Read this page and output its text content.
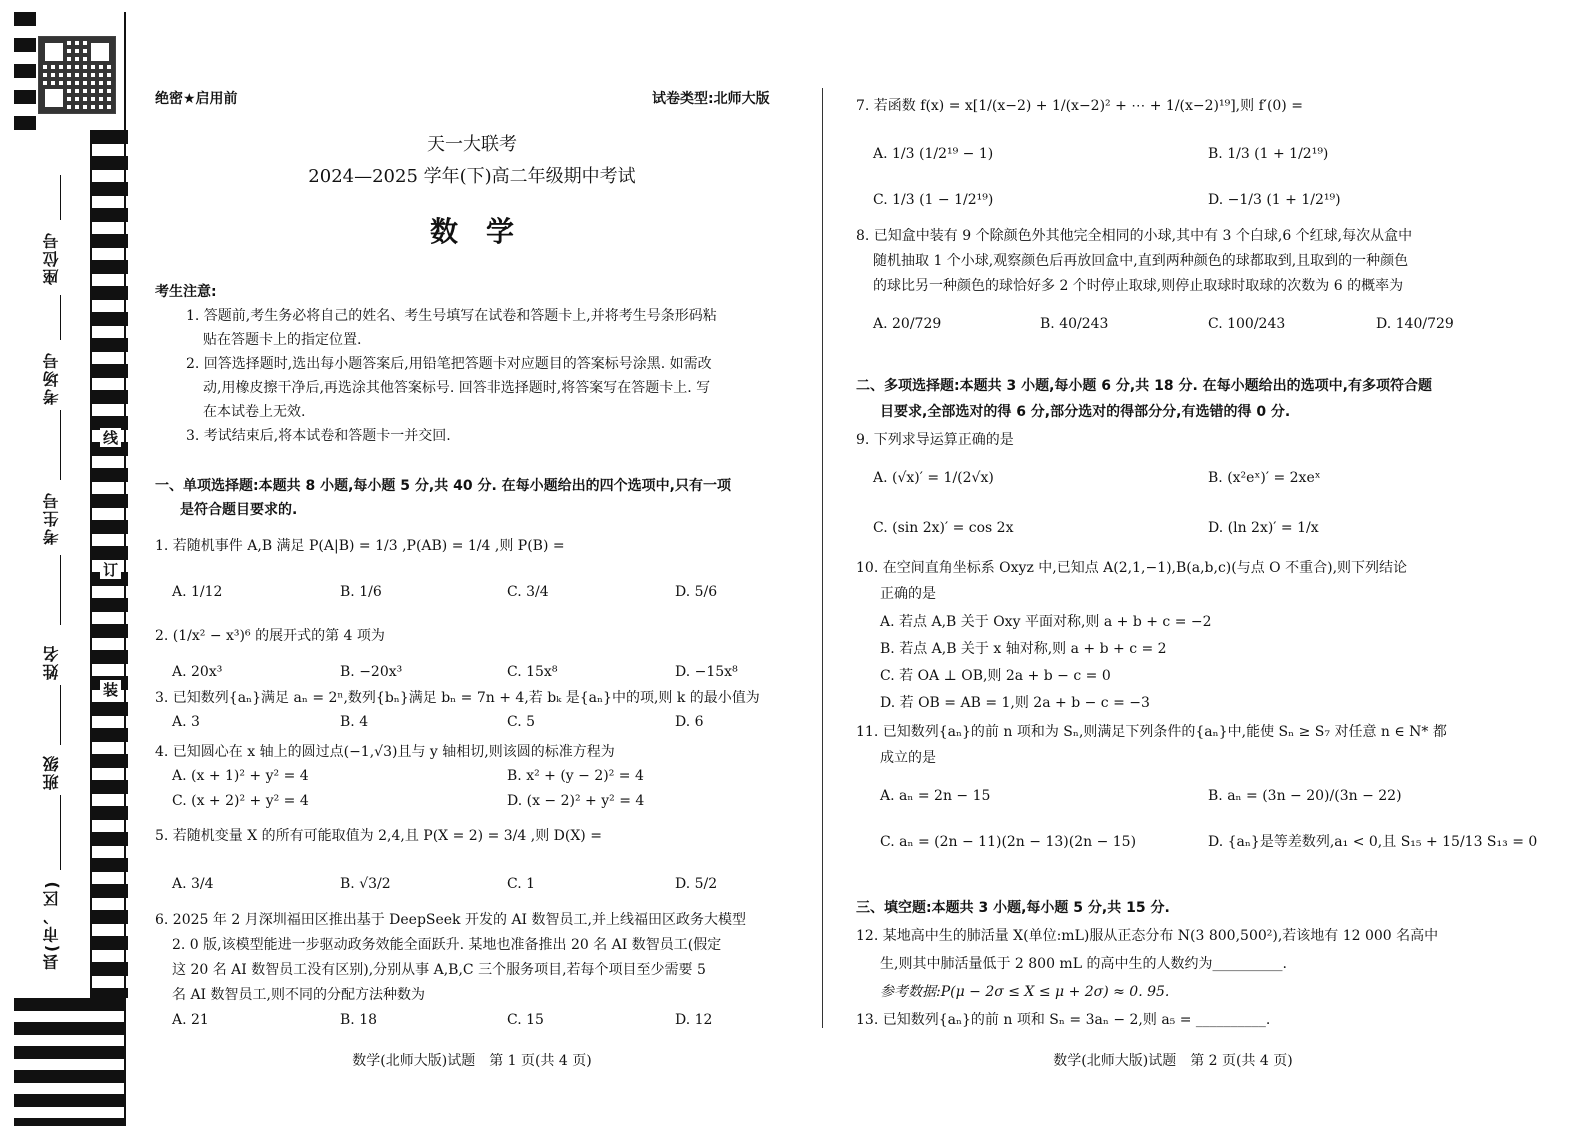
座位号
考场号
考生号
姓名
班级
县(市、区)
线
订
装
绝密★启用前	试卷类型:北师大版
天一大联考
2024—2025 学年(下)高二年级期中考试
数　学
考生注意:
1. 答题前,考生务必将自己的姓名、考生号填写在试卷和答题卡上,并将考生号条形码粘
贴在答题卡上的指定位置.
2. 回答选择题时,选出每小题答案后,用铅笔把答题卡对应题目的答案标号涂黑. 如需改
动,用橡皮擦干净后,再选涂其他答案标号. 回答非选择题时,将答案写在答题卡上. 写
在本试卷上无效.
3. 考试结束后,将本试卷和答题卡一并交回.
一、单项选择题:本题共 8 小题,每小题 5 分,共 40 分. 在每小题给出的四个选项中,只有一项
是符合题目要求的.
1. 若随机事件 A,B 满足 P(A|B) = 1/3 ,P(AB) = 1/4 ,则 P(B) =
A. 1/12	B. 1/6	C. 3/4	D. 5/6
2. (1/x² − x³)⁶ 的展开式的第 4 项为
A. 20x³	B. −20x³	C. 15x⁸	D. −15x⁸
3. 已知数列{aₙ}满足 aₙ = 2ⁿ,数列{bₙ}满足 bₙ = 7n + 4,若 bₖ 是{aₙ}中的项,则 k 的最小值为
A. 3	B. 4	C. 5	D. 6
4. 已知圆心在 x 轴上的圆过点(−1,√3)且与 y 轴相切,则该圆的标准方程为
A. (x + 1)² + y² = 4	B. x² + (y − 2)² = 4
C. (x + 2)² + y² = 4	D. (x − 2)² + y² = 4
5. 若随机变量 X 的所有可能取值为 2,4,且 P(X = 2) = 3/4 ,则 D(X) =
A. 3/4	B. √3/2	C. 1	D. 5/2
6. 2025 年 2 月深圳福田区推出基于 DeepSeek 开发的 AI 数智员工,并上线福田区政务大模型
2. 0 版,该模型能进一步驱动政务效能全面跃升. 某地也准备推出 20 名 AI 数智员工(假定
这 20 名 AI 数智员工没有区别),分别从事 A,B,C 三个服务项目,若每个项目至少需要 5
名 AI 数智员工,则不同的分配方法种数为
A. 21	B. 18	C. 15	D. 12
数学(北师大版)试题　第 1 页(共 4 页)
7. 若函数 f(x) = x[1/(x−2) + 1/(x−2)² + ⋯ + 1/(x−2)¹⁹],则 f′(0) =
A. 1/3 (1/2¹⁹ − 1)	B. 1/3 (1 + 1/2¹⁹)
C. 1/3 (1 − 1/2¹⁹)	D. −1/3 (1 + 1/2¹⁹)
8. 已知盒中装有 9 个除颜色外其他完全相同的小球,其中有 3 个白球,6 个红球,每次从盒中
随机抽取 1 个小球,观察颜色后再放回盒中,直到两种颜色的球都取到,且取到的一种颜色
的球比另一种颜色的球恰好多 2 个时停止取球,则停止取球时取球的次数为 6 的概率为
A. 20/729	B. 40/243	C. 100/243	D. 140/729
二、多项选择题:本题共 3 小题,每小题 6 分,共 18 分. 在每小题给出的选项中,有多项符合题
目要求,全部选对的得 6 分,部分选对的得部分分,有选错的得 0 分.
9. 下列求导运算正确的是
A. (√x)′ = 1/(2√x)	B. (x²eˣ)′ = 2xeˣ
C. (sin 2x)′ = cos 2x	D. (ln 2x)′ = 1/x
10. 在空间直角坐标系 Oxyz 中,已知点 A(2,1,−1),B(a,b,c)(与点 O 不重合),则下列结论
正确的是
A. 若点 A,B 关于 Oxy 平面对称,则 a + b + c = −2
B. 若点 A,B 关于 x 轴对称,则 a + b + c = 2
C. 若 OA ⊥ OB,则 2a + b − c = 0
D. 若 OB = AB = 1,则 2a + b − c = −3
11. 已知数列{aₙ}的前 n 项和为 Sₙ,则满足下列条件的{aₙ}中,能使 Sₙ ≥ S₇ 对任意 n ∈ N* 都
成立的是
A. aₙ = 2n − 15	B. aₙ = (3n − 20)/(3n − 22)
C. aₙ = (2n − 11)(2n − 13)(2n − 15)	D. {aₙ}是等差数列,a₁ < 0,且 S₁₅ + 15/13 S₁₃ = 0
三、填空题:本题共 3 小题,每小题 5 分,共 15 分.
12. 某地高中生的肺活量 X(单位:mL)服从正态分布 N(3 800,500²),若该地有 12 000 名高中
生,则其中肺活量低于 2 800 mL 的高中生的人数约为__________.
参考数据:P(μ − 2σ ≤ X ≤ μ + 2σ) ≈ 0. 95.
13. 已知数列{aₙ}的前 n 项和 Sₙ = 3aₙ − 2,则 a₅ = __________.
数学(北师大版)试题　第 2 页(共 4 页)
